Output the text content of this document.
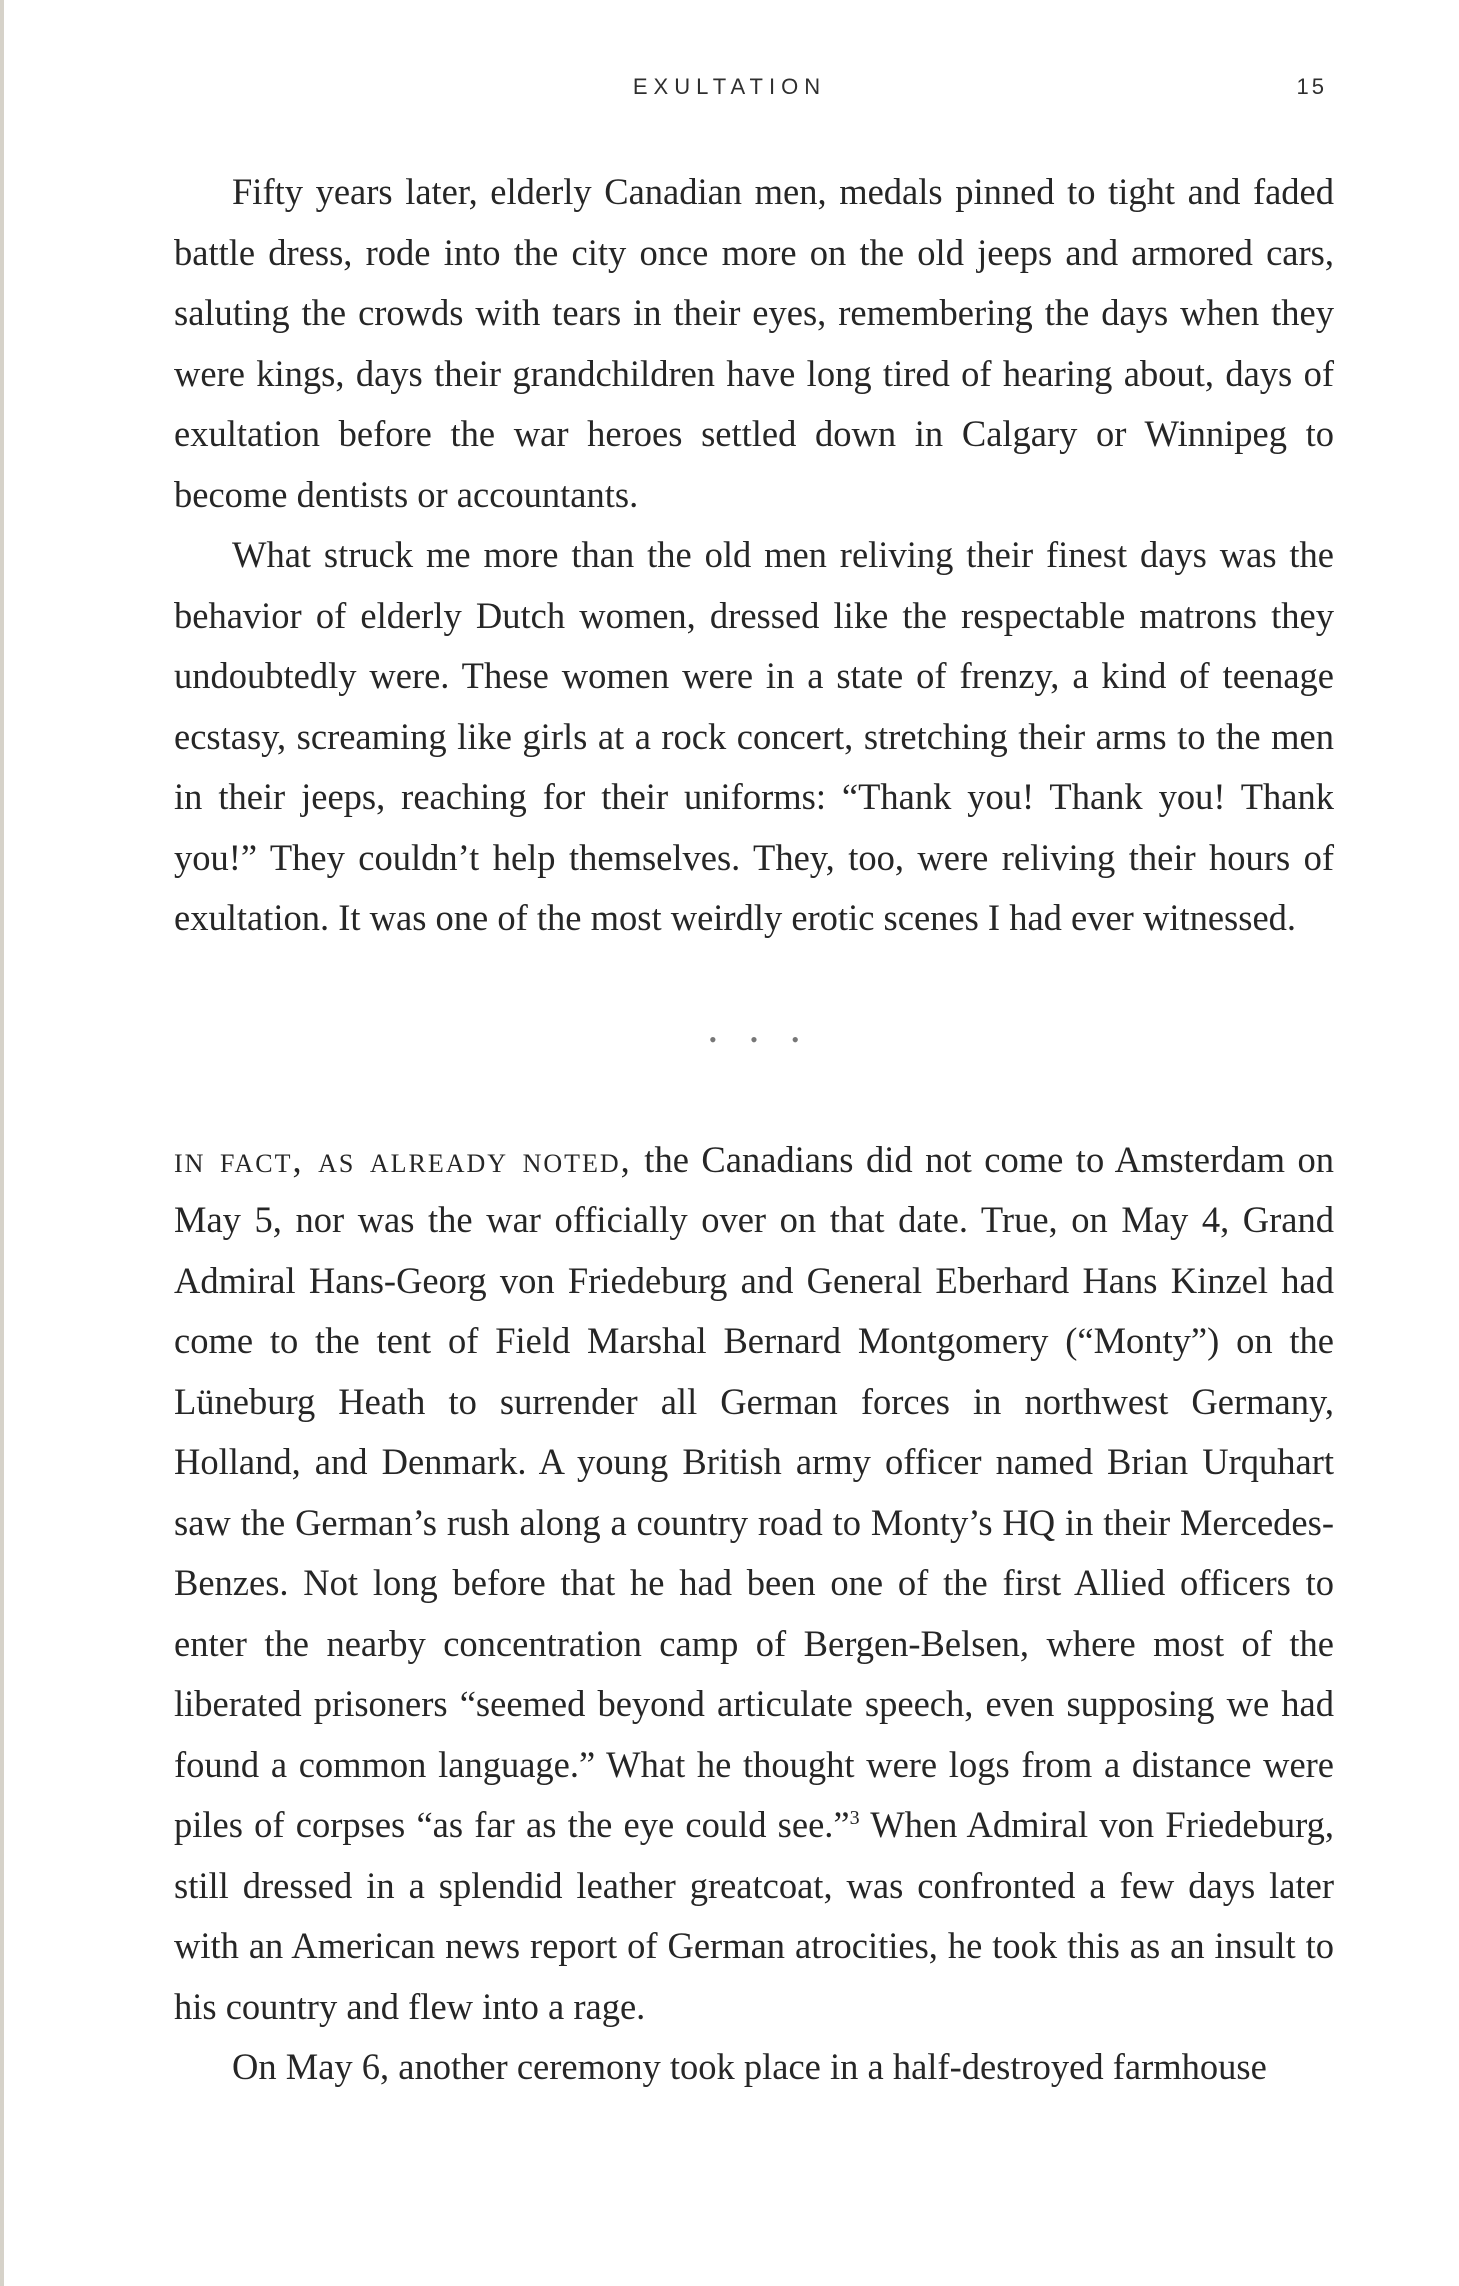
EXULTATION	15

Fifty years later, elderly Canadian men, medals pinned to tight and faded battle dress, rode into the city once more on the old jeeps and armored cars, saluting the crowds with tears in their eyes, remembering the days when they were kings, days their grandchildren have long tired of hearing about, days of exultation before the war heroes settled down in Calgary or Winnipeg to become dentists or accountants.

What struck me more than the old men reliving their finest days was the behavior of elderly Dutch women, dressed like the respectable matrons they undoubtedly were. These women were in a state of frenzy, a kind of teenage ecstasy, screaming like girls at a rock concert, stretching their arms to the men in their jeeps, reaching for their uniforms: “Thank you! Thank you! Thank you!” They couldn’t help themselves. They, too, were reliving their hours of exultation. It was one of the most weirdly erotic scenes I had ever witnessed.

• • •

in fact, as already noted, the Canadians did not come to Amsterdam on May 5, nor was the war officially over on that date. True, on May 4, Grand Admiral Hans-Georg von Friedeburg and General Eberhard Hans Kinzel had come to the tent of Field Marshal Bernard Montgomery (“Monty”) on the Lüneburg Heath to surrender all German forces in northwest Germany, Holland, and Denmark. A young British army officer named Brian Urquhart saw the German’s rush along a country road to Monty’s HQ in their Mercedes-Benzes. Not long before that he had been one of the first Allied officers to enter the nearby concentration camp of Bergen-Belsen, where most of the liberated prisoners “seemed beyond articulate speech, even supposing we had found a common language.” What he thought were logs from a distance were piles of corpses “as far as the eye could see.”$^3$ When Admiral von Friedeburg, still dressed in a splendid leather greatcoat, was confronted a few days later with an American news report of German atrocities, he took this as an insult to his country and flew into a rage.

On May 6, another ceremony took place in a half-destroyed farmhouse
